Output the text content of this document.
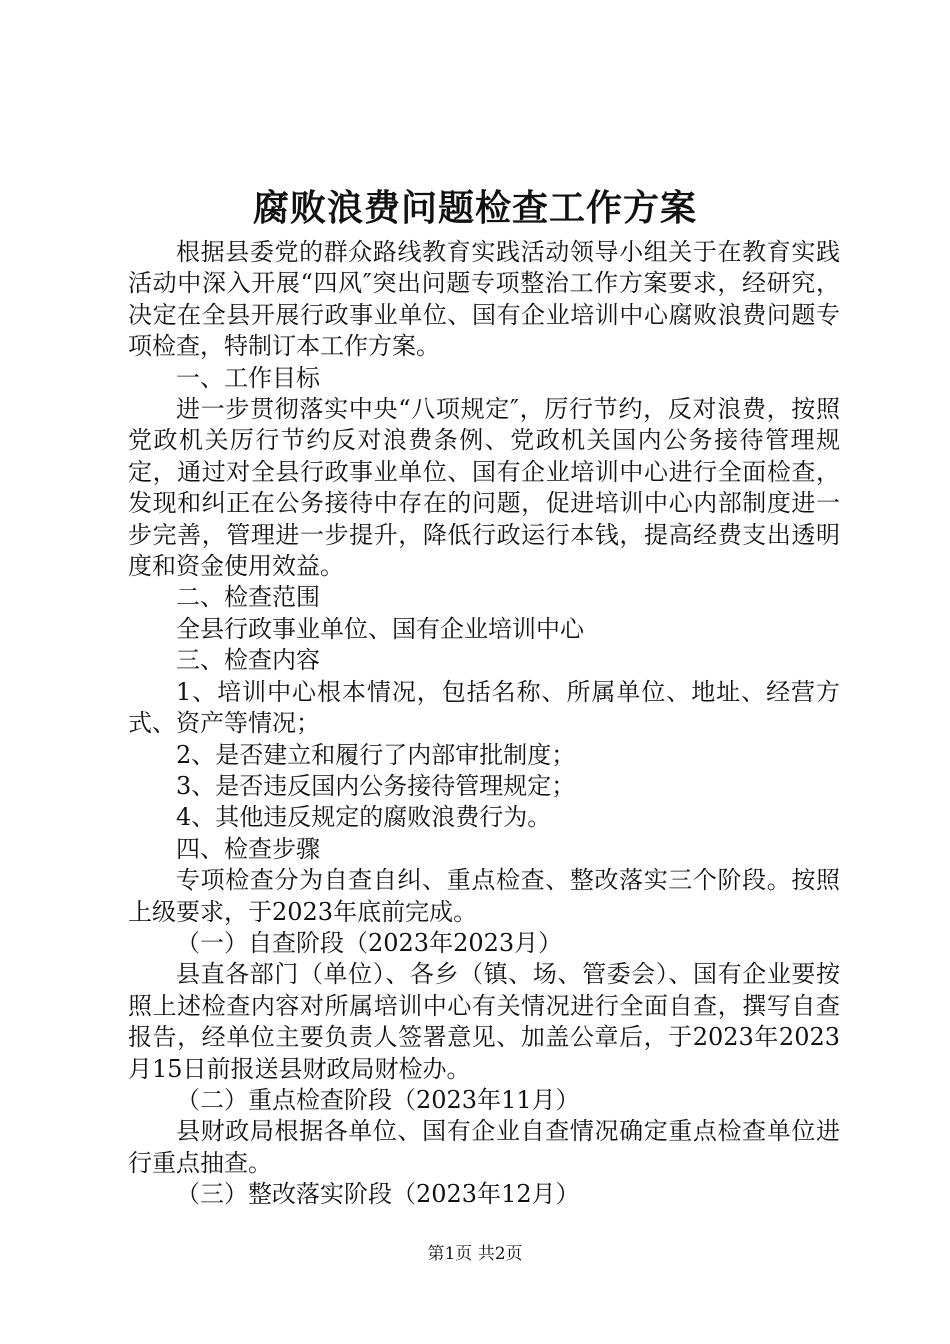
腐败浪费问题检查工作方案

根据县委党的群众路线教育实践活动领导小组关于在教育实践活动中深入开展“四风″突出问题专项整治工作方案要求，经研究，决定在全县开展行政事业单位、国有企业培训中心腐败浪费问题专项检查，特制订本工作方案。

一、工作目标

进一步贯彻落实中央“八项规定″，厉行节约，反对浪费，按照党政机关厉行节约反对浪费条例、党政机关国内公务接待管理规定，通过对全县行政事业单位、国有企业培训中心进行全面检查，发现和纠正在公务接待中存在的问题，促进培训中心内部制度进一步完善，管理进一步提升，降低行政运行本钱，提高经费支出透明度和资金使用效益。

二、检查范围

全县行政事业单位、国有企业培训中心

三、检查内容

1、培训中心根本情况，包括名称、所属单位、地址、经营方式、资产等情况；

2、是否建立和履行了内部审批制度；

3、是否违反国内公务接待管理规定；

4、其他违反规定的腐败浪费行为。

四、检查步骤

专项检查分为自查自纠、重点检查、整改落实三个阶段。按照上级要求，于2023年底前完成。

（一）自查阶段（2023年2023月）

县直各部门（单位）、各乡（镇、场、管委会）、国有企业要按照上述检查内容对所属培训中心有关情况进行全面自查，撰写自查报告，经单位主要负责人签署意见、加盖公章后，于2023年2023月15日前报送县财政局财检办。

（二）重点检查阶段（2023年11月）

县财政局根据各单位、国有企业自查情况确定重点检查单位进行重点抽查。

（三）整改落实阶段（2023年12月）

第1页 共2页
